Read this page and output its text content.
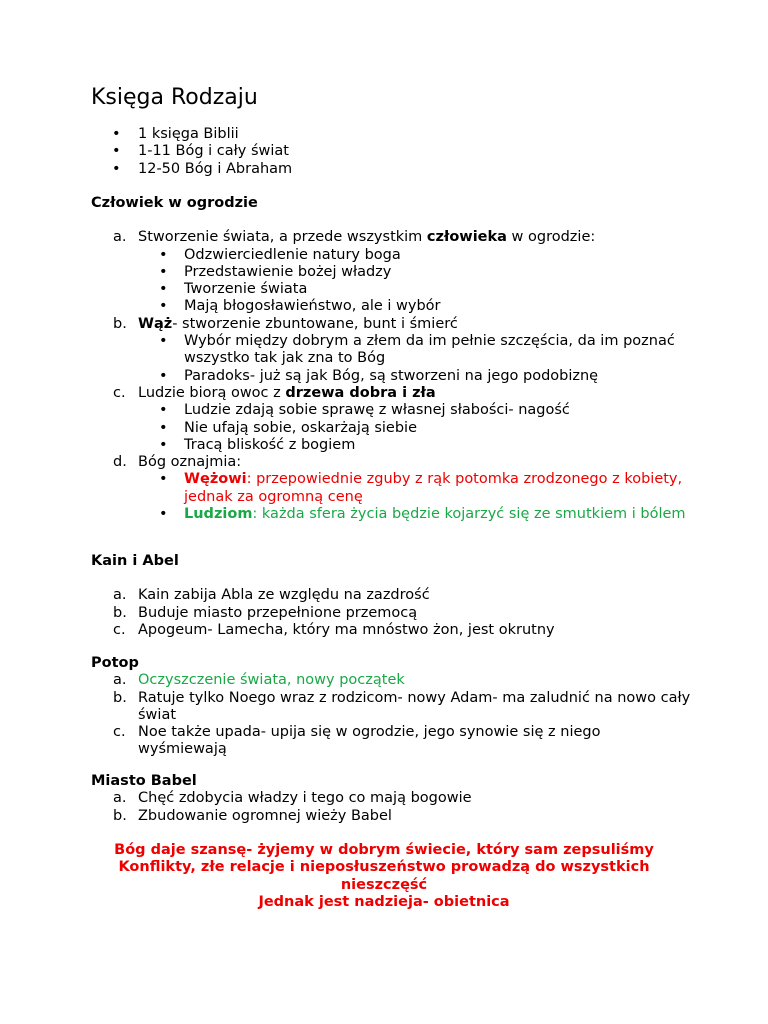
Księga Rodzaju
• 1 księga Biblii
• 1-11 Bóg i cały świat
• 12-50 Bóg i Abraham
Człowiek w ogrodzie
a. Stworzenie świata, a przede wszystkim człowieka w ogrodzie:
• Odzwierciedlenie natury boga
• Przedstawienie bożej władzy
• Tworzenie świata
• Mają błogosławieństwo, ale i wybór
b. Wąż- stworzenie zbuntowane, bunt i śmierć
• Wybór między dobrym a złem da im pełnie szczęścia, da im poznać wszystko tak jak zna to Bóg
• Paradoks- już są jak Bóg, są stworzeni na jego podobiznę
c. Ludzie biorą owoc z drzewa dobra i zła
• Ludzie zdają sobie sprawę z własnej słabości- nagość
• Nie ufają sobie, oskarżają siebie
• Tracą bliskość z bogiem
d. Bóg oznajmia:
• Wężowi: przepowiednie zguby z rąk potomka zrodzonego z kobiety, jednak za ogromną cenę
• Ludziom: każda sfera życia będzie kojarzyć się ze smutkiem i bólem
Kain i Abel
a. Kain zabija Abla ze względu na zazdrość
b. Buduje miasto przepełnione przemocą
c. Apogeum- Lamecha, który ma mnóstwo żon, jest okrutny
Potop
a. Oczyszczenie świata, nowy początek
b. Ratuje tylko Noego wraz z rodzicom- nowy Adam- ma zaludnić na nowo cały świat
c. Noe także upada- upija się w ogrodzie, jego synowie się z niego wyśmiewają
Miasto Babel
a. Chęć zdobycia władzy i tego co mają bogowie
b. Zbudowanie ogromnej wieży Babel
Bóg daje szansę- żyjemy w dobrym świecie, który sam zepsuliśmy
Konflikty, złe relacje i nieposłuszeństwo prowadzą do wszystkich
nieszczęść
Jednak jest nadzieja- obietnica
